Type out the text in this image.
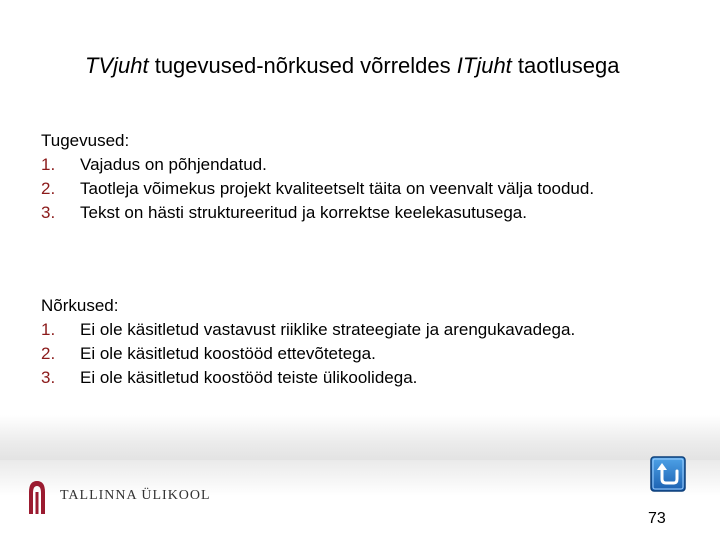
TVjuht tugevused-nõrkused võrreldes ITjuht taotlusega
Tugevused:
1.	Vajadus on põhjendatud.
2.	Taotleja võimekus projekt kvaliteetselt täita on veenvalt välja toodud.
3.	Tekst on hästi struktureeritud ja korrektse keelekasutusega.
Nõrkused:
1.	Ei ole käsitletud vastavust riiklike strateegiate ja arengukavadega.
2.	Ei ole käsitletud koostööd ettevõtetega.
3.	Ei ole käsitletud koostööd teiste ülikoolidega.
TALLINNA ÜLIKOOL
73
